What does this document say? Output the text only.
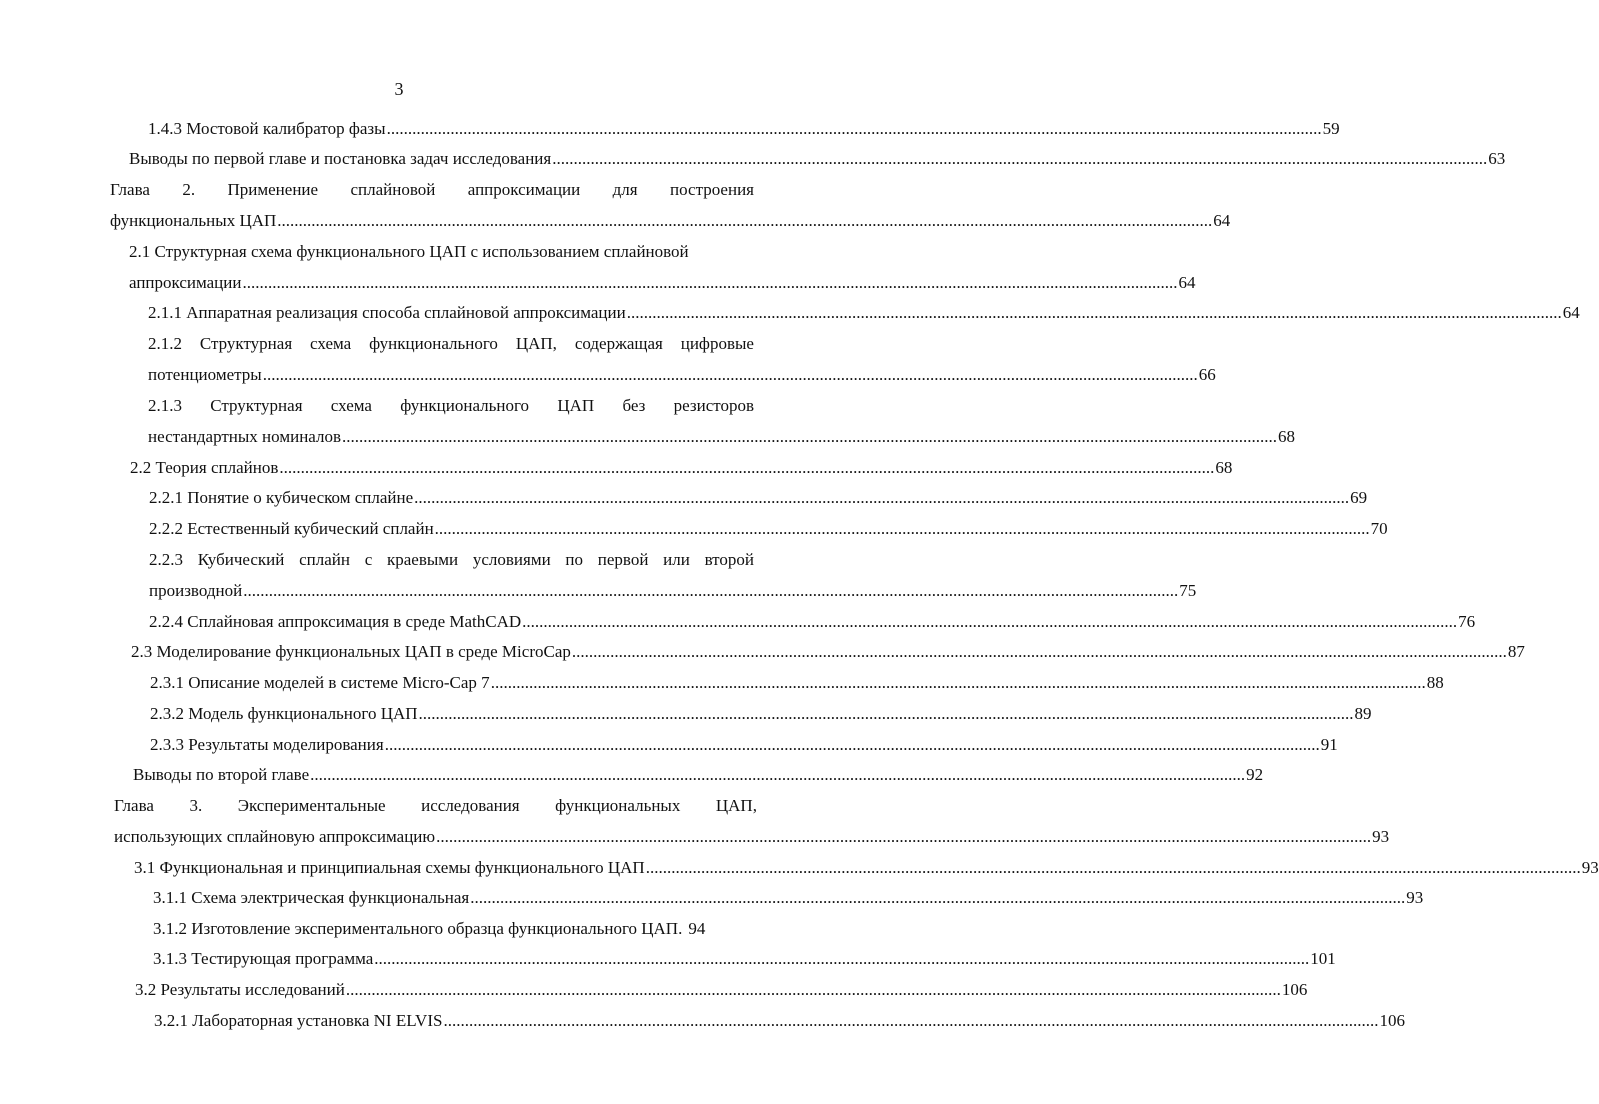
3
1.4.3 Мостовой калибратор фазы ............................................................................................................................................................................................................................ 59
Выводы по первой главе и постановка задач исследования ............................................................................................................................................................................................................................ 63
Глава 2. Применение сплайновой аппроксимации для построения
функциональных ЦАП ............................................................................................................................................................................................................................ 64
2.1 Структурная схема функционального ЦАП с использованием сплайновой
аппроксимации ............................................................................................................................................................................................................................ 64
2.1.1 Аппаратная реализация способа сплайновой аппроксимации ............................................................................................................................................................................................................................ 64
2.1.2 Структурная схема функционального ЦАП, содержащая цифровые
потенциометры ............................................................................................................................................................................................................................ 66
2.1.3 Структурная схема функционального ЦАП без резисторов
нестандартных номиналов ............................................................................................................................................................................................................................ 68
2.2 Теория сплайнов ............................................................................................................................................................................................................................ 68
2.2.1 Понятие о кубическом сплайне ............................................................................................................................................................................................................................ 69
2.2.2 Естественный кубический сплайн ............................................................................................................................................................................................................................ 70
2.2.3 Кубический сплайн с краевыми условиями по первой или второй
производной ............................................................................................................................................................................................................................ 75
2.2.4 Сплайновая аппроксимация в среде MathCAD ............................................................................................................................................................................................................................ 76
2.3 Моделирование функциональных ЦАП в среде MicroCap ............................................................................................................................................................................................................................ 87
2.3.1 Описание моделей в системе Micro-Cap 7 ............................................................................................................................................................................................................................ 88
2.3.2 Модель функционального ЦАП ............................................................................................................................................................................................................................ 89
2.3.3 Результаты моделирования ............................................................................................................................................................................................................................ 91
Выводы по второй главе ............................................................................................................................................................................................................................ 92
Глава 3. Экспериментальные исследования функциональных ЦАП,
использующих сплайновую аппроксимацию ............................................................................................................................................................................................................................ 93
3.1 Функциональная и принципиальная схемы функционального ЦАП ............................................................................................................................................................................................................................ 93
3.1.1 Схема электрическая функциональная ............................................................................................................................................................................................................................ 93
3.1.2 Изготовление экспериментального образца функционального ЦАП. 94
3.1.3 Тестирующая программа ............................................................................................................................................................................................................................ 101
3.2 Результаты исследований ............................................................................................................................................................................................................................ 106
3.2.1 Лабораторная установка NI ELVIS ............................................................................................................................................................................................................................ 106
